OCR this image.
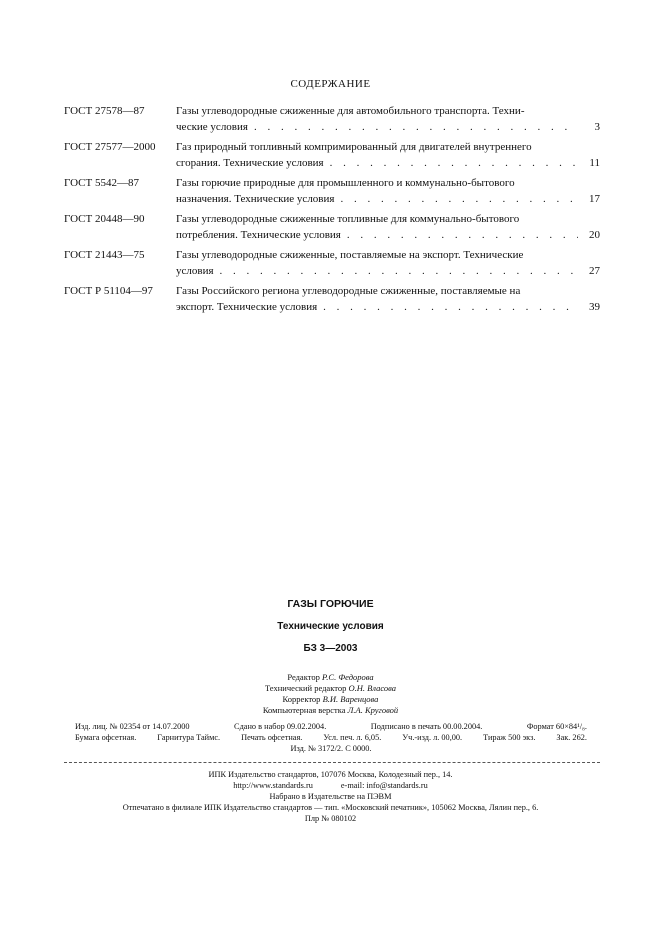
СОДЕРЖАНИЕ
ГОСТ 27578—87	Газы углеводородные сжиженные для автомобильного транспорта. Техни-
ческие условия . . .	3
ГОСТ 27577—2000	Газ природный топливный компримированный для двигателей внутреннего
сгорания. Технические условия . . .	11
ГОСТ 5542—87	Газы горючие природные для промышленного и коммунально-бытового
назначения. Технические условия . . .	17
ГОСТ 20448—90	Газы углеводородные сжиженные топливные для коммунально-бытового
потребления. Технические условия . . .	20
ГОСТ 21443—75	Газы углеводородные сжиженные, поставляемые на экспорт. Технические
условия . . .	27
ГОСТ Р 51104—97	Газы Российского региона углеводородные сжиженные, поставляемые на
экспорт. Технические условия . . .	39
ГАЗЫ ГОРЮЧИЕ
Технические условия
БЗ 3—2003
Редактор Р.С. Федорова
Технический редактор О.Н. Власова
Корректор В.И. Варенцова
Компьютерная верстка Л.А. Круговой
Изд. лиц. № 02354 от 14.07.2000	Сдано в набор 09.02.2004.	Подписано в печать 00.00.2004.	Формат 60×84¹/₈.
Бумага офсетная.	Гарнитура Таймс.	Печать офсетная.	Усл. печ. л. 6,05.	Уч.-изд. л. 00,00.	Тираж 500 экз.	Зак. 262.
Изд. № 3172/2. С 0000.
ИПК Издательство стандартов, 107076 Москва, Колодезный пер., 14.
http://www.standards.ru	e-mail: info@standards.ru
Набрано в Издательстве на ПЭВМ
Отпечатано в филиале ИПК Издательство стандартов — тип. «Московский печатник», 105062 Москва, Лялин пер., 6.
Плр № 080102
